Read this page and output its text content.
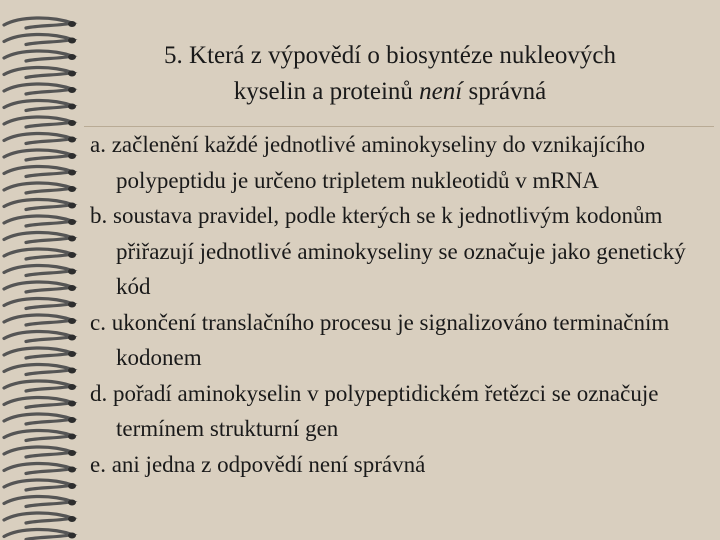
5. Která z výpovědí o biosyntéze nukleových
kyselin a proteinů není správná
a. začlenění každé jednotlivé aminokyseliny do vznikajícího polypeptidu je určeno tripletem nukleotidů v mRNA
b. soustava pravidel, podle kterých se k jednotlivým kodonům přiřazují jednotlivé aminokyseliny se označuje jako genetický kód
c. ukončení translačního procesu je signalizováno terminačním kodonem
d. pořadí aminokyselin v polypeptidickém řetězci se označuje termínem strukturní gen
e. ani jedna z odpovědí není správná
